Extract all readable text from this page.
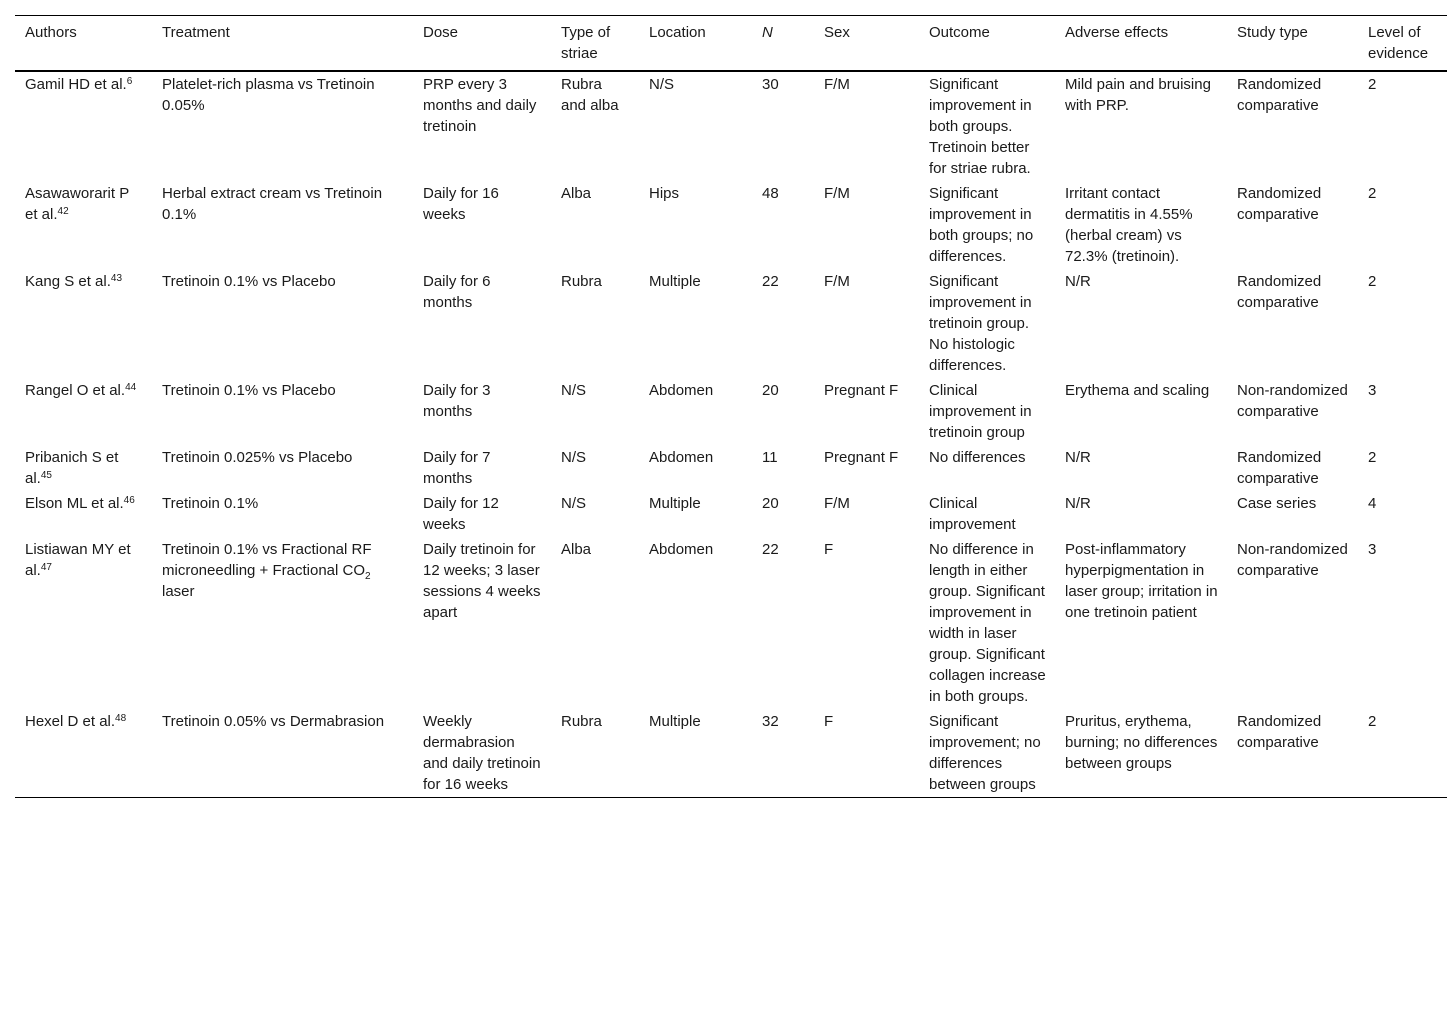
Authors	Treatment	Dose	Type of striae	Location	N	Sex	Outcome	Adverse effects	Study type	Level of evidence
Gamil HD et al.$^6$	Platelet-rich plasma vs Tretinoin 0.05%	PRP every 3 months and daily tretinoin	Rubra and alba	N/S	30	F/M	Significant improvement in both groups. Tretinoin better for striae rubra.	Mild pain and bruising with PRP.	Randomized comparative	2
Asawaworarit P et al.$^{42}$	Herbal extract cream vs Tretinoin 0.1%	Daily for 16 weeks	Alba	Hips	48	F/M	Significant improvement in both groups; no differences.	Irritant contact dermatitis in 4.55% (herbal cream) vs 72.3% (tretinoin).	Randomized comparative	2
Kang S et al.$^{43}$	Tretinoin 0.1% vs Placebo	Daily for 6 months	Rubra	Multiple	22	F/M	Significant improvement in tretinoin group. No histologic differences.	N/R	Randomized comparative	2
Rangel O et al.$^{44}$	Tretinoin 0.1% vs Placebo	Daily for 3 months	N/S	Abdomen	20	Pregnant F	Clinical improvement in tretinoin group	Erythema and scaling	Non-randomized comparative	3
Pribanich S et al.$^{45}$	Tretinoin 0.025% vs Placebo	Daily for 7 months	N/S	Abdomen	11	Pregnant F	No differences	N/R	Randomized comparative	2
Elson ML et al.$^{46}$	Tretinoin 0.1%	Daily for 12 weeks	N/S	Multiple	20	F/M	Clinical improvement	N/R	Case series	4
Listiawan MY et al.$^{47}$	Tretinoin 0.1% vs Fractional RF microneedling + Fractional $CO_2$ laser	Daily tretinoin for 12 weeks; 3 laser sessions 4 weeks apart	Alba	Abdomen	22	F	No difference in length in either group. Significant improvement in width in laser group. Significant collagen increase in both groups.	Post-inflammatory hyperpigmentation in laser group; irritation in one tretinoin patient	Non-randomized comparative	3
Hexel D et al.$^{48}$	Tretinoin 0.05% vs Dermabrasion	Weekly dermabrasion and daily tretinoin for 16 weeks	Rubra	Multiple	32	F	Significant improvement; no differences between groups	Pruritus, erythema, burning; no differences between groups	Randomized comparative	2
